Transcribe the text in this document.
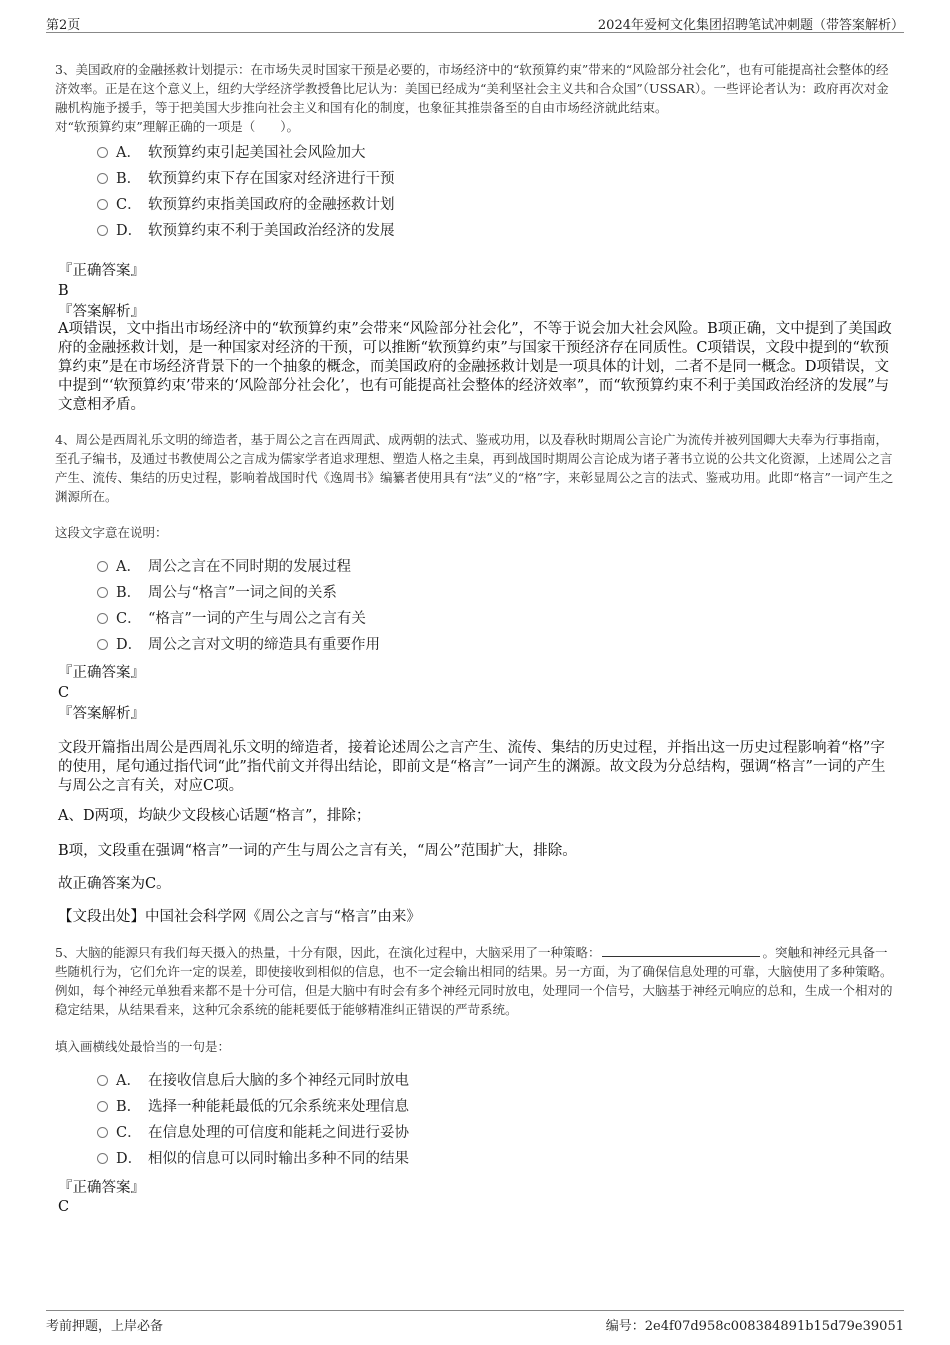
第2页	2024年爱柯文化集团招聘笔试冲刺题（带答案解析）

3、美国政府的金融拯救计划提示：在市场失灵时国家干预是必要的，市场经济中的“软预算约束”带来的“风险部分社会化”，也有可能提高社会整体的经济效率。正是在这个意义上，纽约大学经济学教授鲁比尼认为：美国已经成为“美利坚社会主义共和合众国”（USSAR）。一些评论者认为：政府再次对金融机构施予援手，等于把美国大步推向社会主义和国有化的制度，也象征其推崇备至的自由市场经济就此结束。

对“软预算约束”理解正确的一项是（　　）。

A． 软预算约束引起美国社会风险加大
B． 软预算约束下存在国家对经济进行干预
C． 软预算约束指美国政府的金融拯救计划
D． 软预算约束不利于美国政治经济的发展
『正确答案』
B
『答案解析』
A项错误，文中指出市场经济中的“软预算约束”会带来“风险部分社会化”，不等于说会加大社会风险。B项正确，文中提到了美国政府的金融拯救计划，是一种国家对经济的干预，可以推断“软预算约束”与国家干预经济存在同质性。C项错误，文段中提到的“软预算约束”是在市场经济背景下的一个抽象的概念，而美国政府的金融拯救计划是一项具体的计划，二者不是同一概念。D项错误，文中提到“‘软预算约束’带来的‘风险部分社会化’，也有可能提高社会整体的经济效率”，而“软预算约束不利于美国政治经济的发展”与文意相矛盾。

4、周公是西周礼乐文明的缔造者，基于周公之言在西周武、成两朝的法式、鉴戒功用，以及春秋时期周公言论广为流传并被列国卿大夫奉为行事指南，至孔子编书，及通过书教使周公之言成为儒家学者追求理想、塑造人格之圭臬，再到战国时期周公言论成为诸子著书立说的公共文化资源，上述周公之言产生、流传、集结的历史过程，影响着战国时代《逸周书》编纂者使用具有“法”义的“格”字，来彰显周公之言的法式、鉴戒功用。此即“格言”一词产生之渊源所在。

这段文字意在说明：
A． 周公之言在不同时期的发展过程
B． 周公与“格言”一词之间的关系
C． “格言”一词的产生与周公之言有关
D． 周公之言对文明的缔造具有重要作用
『正确答案』
C
『答案解析』
文段开篇指出周公是西周礼乐文明的缔造者，接着论述周公之言产生、流传、集结的历史过程，并指出这一历史过程影响着“格”字的使用，尾句通过指代词“此”指代前文并得出结论，即前文是“格言”一词产生的渊源。故文段为分总结构，强调“格言”一词的产生与周公之言有关，对应C项。
A、D两项，均缺少文段核心话题“格言”，排除；
B项，文段重在强调“格言”一词的产生与周公之言有关，“周公”范围扩大，排除。
故正确答案为C。
【文段出处】中国社会科学网《周公之言与“格言”由来》

5、大脑的能源只有我们每天摄入的热量，十分有限，因此，在演化过程中，大脑采用了一种策略：	。突触和神经元具备一些随机行为，它们允许一定的误差，即使接收到相似的信息，也不一定会输出相同的结果。另一方面，为了确保信息处理的可靠，大脑使用了多种策略。例如，每个神经元单独看来都不是十分可信，但是大脑中有时会有多个神经元同时放电，处理同一个信号，大脑基于神经元响应的总和，生成一个相对的稳定结果，从结果看来，这种冗余系统的能耗要低于能够精准纠正错误的严苛系统。

填入画横线处最恰当的一句是：
A． 在接收信息后大脑的多个神经元同时放电
B． 选择一种能耗最低的冗余系统来处理信息
C． 在信息处理的可信度和能耗之间进行妥协
D． 相似的信息可以同时输出多种不同的结果
『正确答案』
C
考前押题，上岸必备	编号：2e4f07d958c008384891b15d79e39051
